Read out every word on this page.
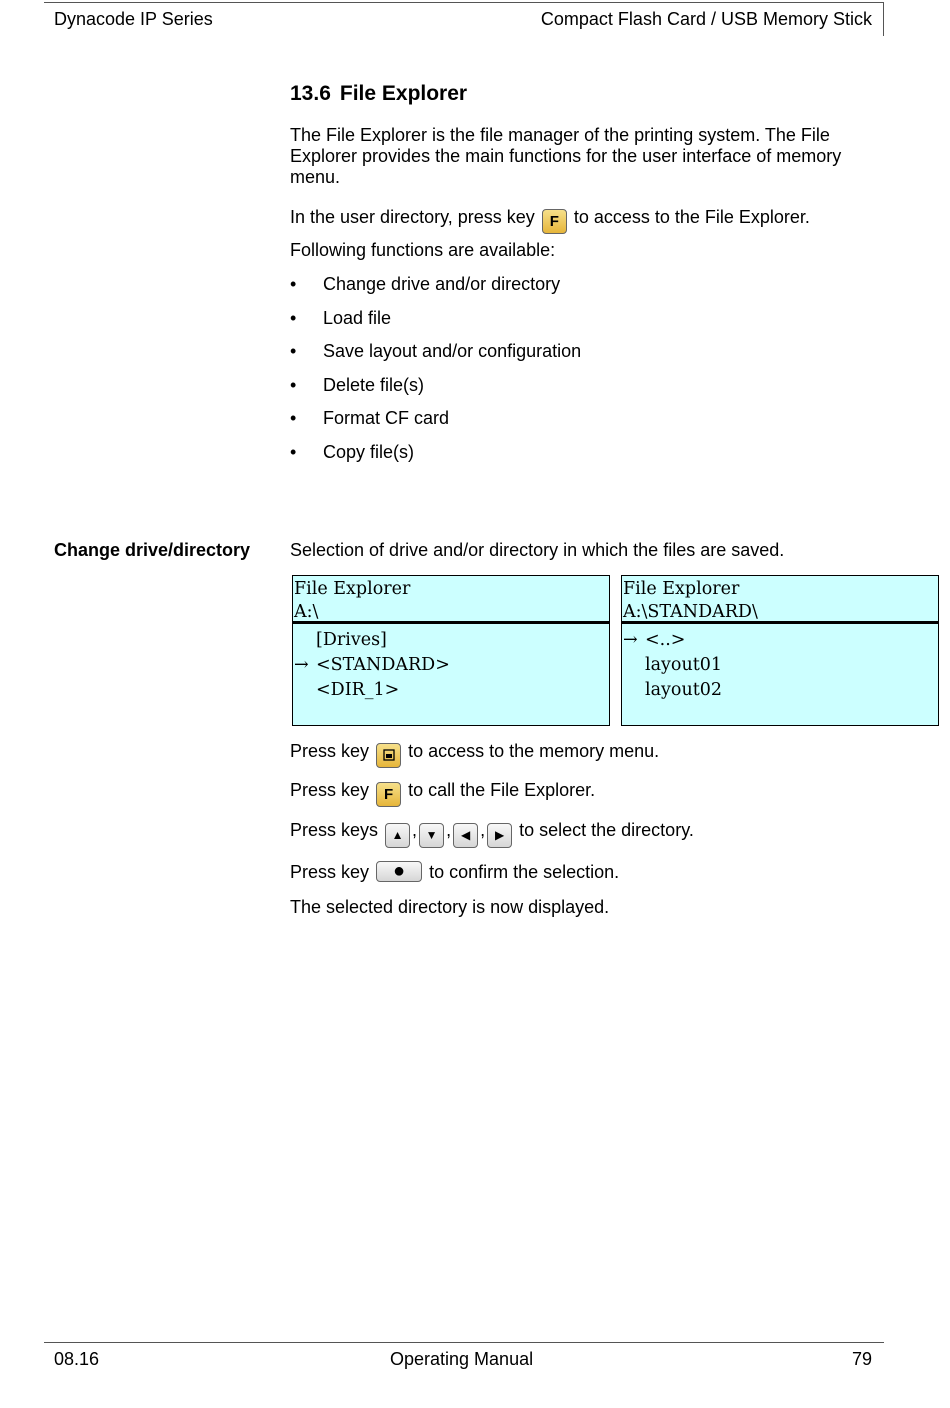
Dynacode IP Series	Compact Flash Card / USB Memory Stick
13.6 File Explorer
The File Explorer is the file manager of the printing system. The File Explorer provides the main functions for the user interface of memory menu.
In the user directory, press key F to access to the File Explorer.
Following functions are available:
• Change drive and/or directory
• Load file
• Save layout and/or configuration
• Delete file(s)
• Format CF card
• Copy file(s)
Change drive/directory Selection of drive and/or directory in which the files are saved.
File Explorer
A:\
[Drives]
→ <STANDARD>
<DIR_1>
File Explorer
A:\STANDARD\
→ <..>
layout01
layout02
Press key to access to the memory menu.
Press key F to call the File Explorer.
Press keys ▲ , ▼ , ◀ , ▶ to select the directory.
Press key ● to confirm the selection.
The selected directory is now displayed.
08.16	Operating Manual	79
